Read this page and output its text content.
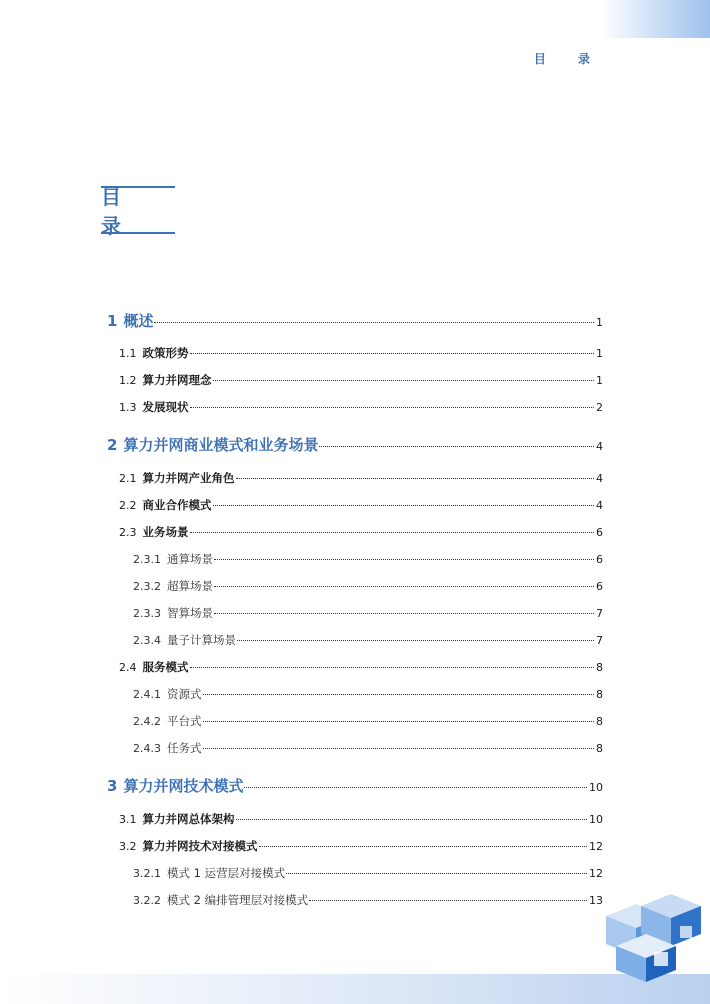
目 录
目 录
1 概述	1
1.1 政策形势	1
1.2 算力并网理念	1
1.3 发展现状	2
2 算力并网商业模式和业务场景	4
2.1 算力并网产业角色	4
2.2 商业合作模式	4
2.3 业务场景	6
2.3.1 通算场景	6
2.3.2 超算场景	6
2.3.3 智算场景	7
2.3.4 量子计算场景	7
2.4 服务模式	8
2.4.1 资源式	8
2.4.2 平台式	8
2.4.3 任务式	8
3 算力并网技术模式	10
3.1 算力并网总体架构	10
3.2 算力并网技术对接模式	12
3.2.1 模式 1 运营层对接模式	12
3.2.2 模式 2 编排管理层对接模式	13
